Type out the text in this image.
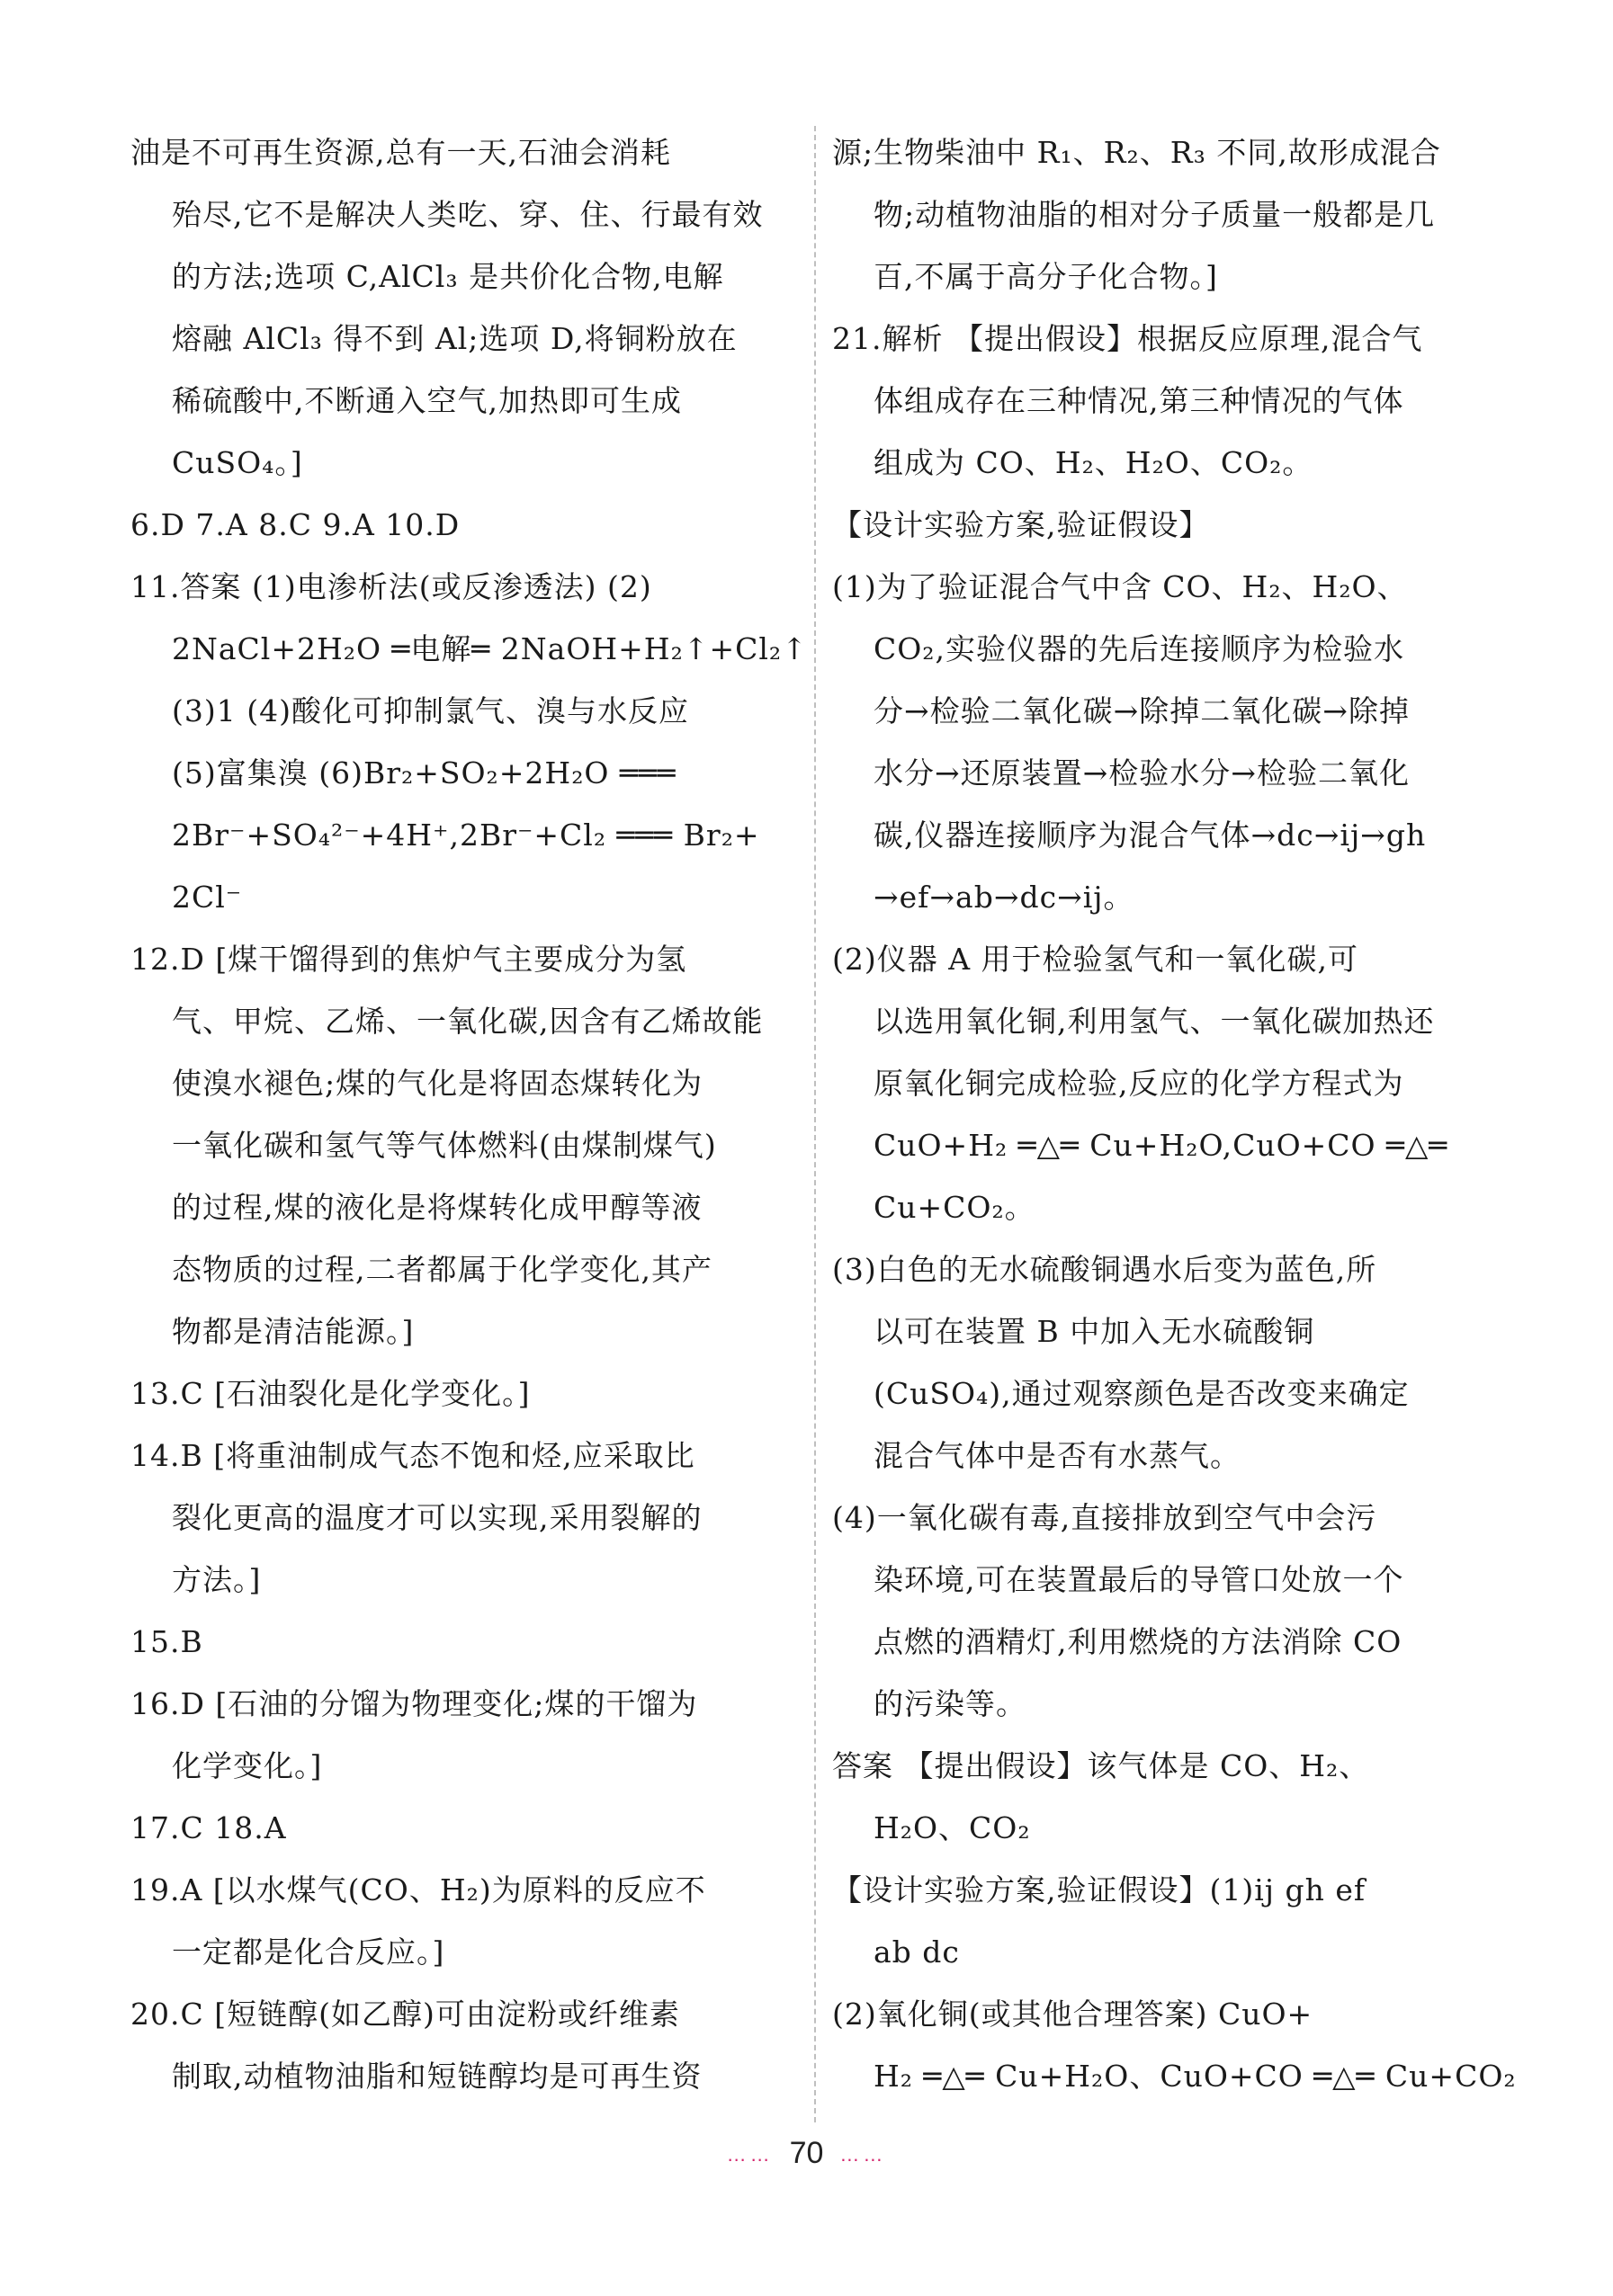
油是不可再生资源,总有一天,石油会消耗
殆尽,它不是解决人类吃、穿、住、行最有效
的方法;选项 C,AlCl₃ 是共价化合物,电解
熔融 AlCl₃ 得不到 Al;选项 D,将铜粉放在
稀硫酸中,不断通入空气,加热即可生成
CuSO₄。]
6.D 7.A 8.C 9.A 10.D
11.答案 (1)电渗析法(或反渗透法) (2)
2NaCl+2H₂O ═电解═ 2NaOH+H₂↑+Cl₂↑
(3)1 (4)酸化可抑制氯气、溴与水反应
(5)富集溴 (6)Br₂+SO₂+2H₂O ═══
2Br⁻+SO₄²⁻+4H⁺,2Br⁻+Cl₂ ═══ Br₂+
2Cl⁻
12.D [煤干馏得到的焦炉气主要成分为氢
气、甲烷、乙烯、一氧化碳,因含有乙烯故能
使溴水褪色;煤的气化是将固态煤转化为
一氧化碳和氢气等气体燃料(由煤制煤气)
的过程,煤的液化是将煤转化成甲醇等液
态物质的过程,二者都属于化学变化,其产
物都是清洁能源。]
13.C [石油裂化是化学变化。]
14.B [将重油制成气态不饱和烃,应采取比
裂化更高的温度才可以实现,采用裂解的
方法。]
15.B
16.D [石油的分馏为物理变化;煤的干馏为
化学变化。]
17.C 18.A
19.A [以水煤气(CO、H₂)为原料的反应不
一定都是化合反应。]
20.C [短链醇(如乙醇)可由淀粉或纤维素
制取,动植物油脂和短链醇均是可再生资
源;生物柴油中 R₁、R₂、R₃ 不同,故形成混合
物;动植物油脂的相对分子质量一般都是几
百,不属于高分子化合物。]
21.解析 【提出假设】根据反应原理,混合气
体组成存在三种情况,第三种情况的气体
组成为 CO、H₂、H₂O、CO₂。
【设计实验方案,验证假设】
(1)为了验证混合气中含 CO、H₂、H₂O、
CO₂,实验仪器的先后连接顺序为检验水
分→检验二氧化碳→除掉二氧化碳→除掉
水分→还原装置→检验水分→检验二氧化
碳,仪器连接顺序为混合气体→dc→ij→gh
→ef→ab→dc→ij。
(2)仪器 A 用于检验氢气和一氧化碳,可
以选用氧化铜,利用氢气、一氧化碳加热还
原氧化铜完成检验,反应的化学方程式为
CuO+H₂ ═△═ Cu+H₂O,CuO+CO ═△═
Cu+CO₂。
(3)白色的无水硫酸铜遇水后变为蓝色,所
以可在装置 B 中加入无水硫酸铜
(CuSO₄),通过观察颜色是否改变来确定
混合气体中是否有水蒸气。
(4)一氧化碳有毒,直接排放到空气中会污
染环境,可在装置最后的导管口处放一个
点燃的酒精灯,利用燃烧的方法消除 CO
的污染等。
答案 【提出假设】该气体是 CO、H₂、
H₂O、CO₂
【设计实验方案,验证假设】(1)ij gh ef
ab dc
(2)氧化铜(或其他合理答案) CuO+
H₂ ═△═ Cu+H₂O、CuO+CO ═△═ Cu+CO₂
…… 70 ……
